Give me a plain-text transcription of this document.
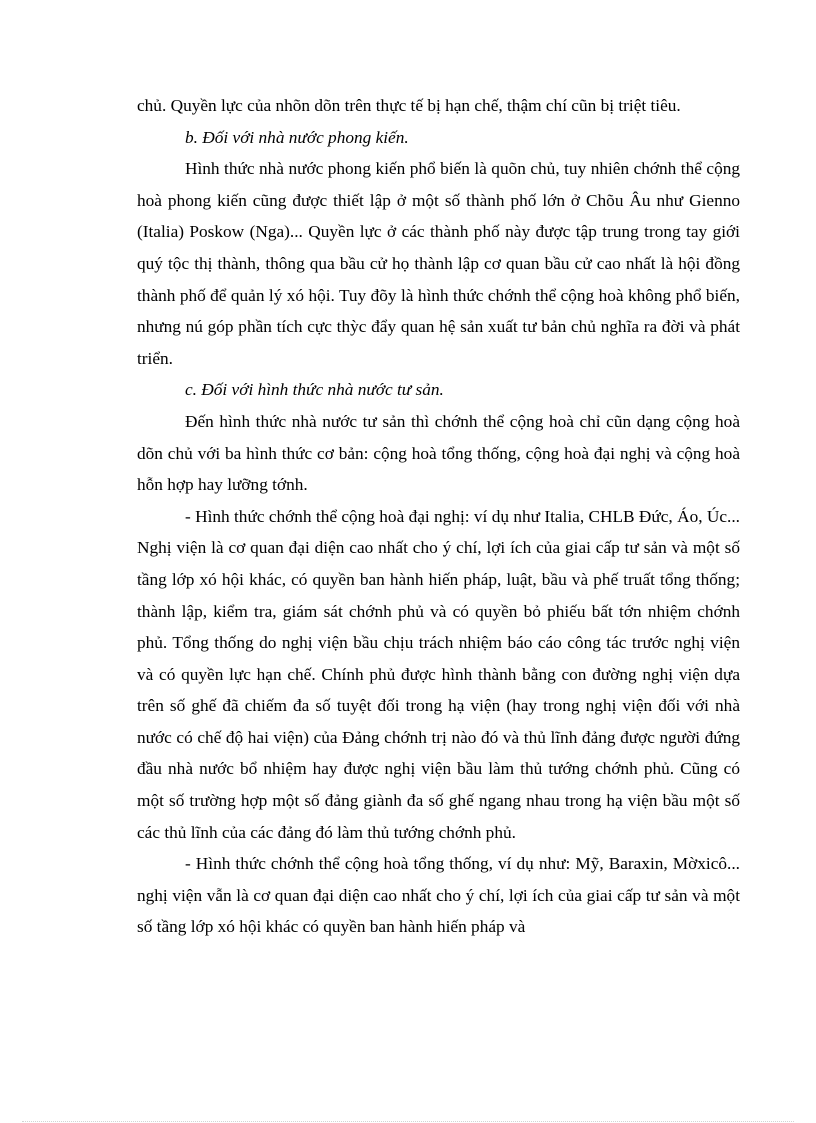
chủ. Quyền lực của nhõn dõn trên thực tế bị hạn chế, thậm chí cũn bị triệt tiêu.

b. Đối với nhà nước phong kiến.

Hình thức nhà nước phong kiến phổ biến là quõn chủ, tuy nhiên chớnh thể cộng hoà phong kiến cũng được thiết lập ở một số thành phố lớn ở Chõu Âu như Gienno (Italia) Poskow (Nga)... Quyền lực ở các thành phố này được tập trung trong tay giới quý tộc thị thành, thông qua bầu cử họ thành lập cơ quan bầu cử cao nhất là hội đồng thành phố để quản lý xó hội. Tuy đõy là hình thức chớnh thể cộng hoà không phổ biến, nhưng nú góp phần tích cực thỳc đẩy quan hệ sản xuất tư bản chủ nghĩa ra đời và phát triển.

c. Đối với hình thức nhà nước tư sản.

Đến hình thức nhà nước tư sản thì chớnh thể cộng hoà chỉ cũn dạng cộng hoà dõn chủ với ba hình thức cơ bản: cộng hoà tổng thống, cộng hoà đại nghị và cộng hoà hỗn hợp hay lưỡng tớnh.

- Hình thức chớnh thể cộng hoà đại nghị: ví dụ như Italia, CHLB Đức, Áo, Úc... Nghị viện là cơ quan đại diện cao nhất cho ý chí, lợi ích của giai cấp tư sản và một số tầng lớp xó hội khác, có quyền ban hành hiến pháp, luật, bầu và phế truất tổng thống; thành lập, kiểm tra, giám sát chớnh phủ và có quyền bỏ phiếu bất tớn nhiệm chớnh phủ. Tổng thống do nghị viện bầu chịu trách nhiệm báo cáo công tác trước nghị viện và có quyền lực hạn chế. Chính phủ được hình thành bằng con đường nghị viện dựa trên số ghế đã chiếm đa số tuyệt đối trong hạ viện (hay trong nghị viện đối với nhà nước có chế độ hai viện) của Đảng chớnh trị nào đó và thủ lĩnh đảng được người đứng đầu nhà nước bổ nhiệm hay được nghị viện bầu làm thủ tướng chớnh phủ. Cũng có một số trường hợp một số đảng giành đa số ghế ngang nhau trong hạ viện bầu một số các thủ lĩnh của các đảng đó làm thủ tướng chớnh phủ.

- Hình thức chớnh thể cộng hoà tổng thống, ví dụ như: Mỹ, Baraxin, Mờxicô... nghị viện vẫn là cơ quan đại diện cao nhất cho ý chí, lợi ích của giai cấp tư sản và một số tầng lớp xó hội khác có quyền ban hành hiến pháp và
